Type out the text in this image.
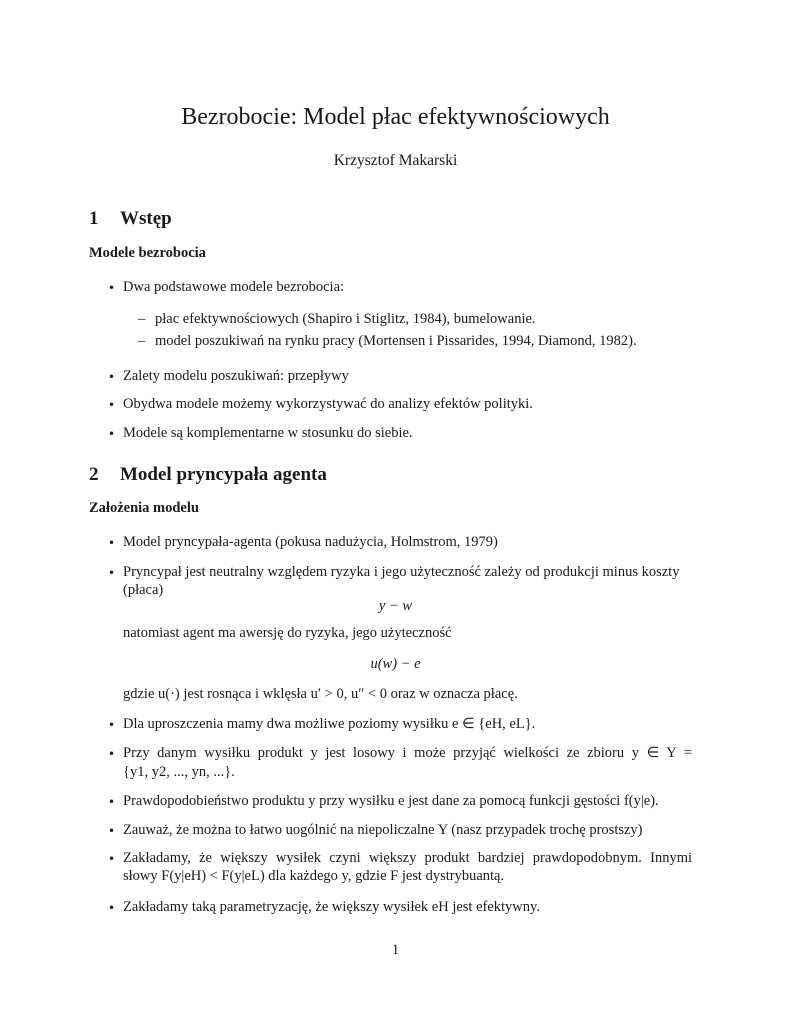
Bezrobocie: Model płac efektywnościowych
Krzysztof Makarski
1 Wstęp
Modele bezrobocia
• Dwa podstawowe modele bezrobocia:
– płac efektywnościowych (Shapiro i Stiglitz, 1984), bumelowanie.
– model poszukiwań na rynku pracy (Mortensen i Pissarides, 1994, Diamond, 1982).
• Zalety modelu poszukiwań: przepływy
• Obydwa modele możemy wykorzystywać do analizy efektów polityki.
• Modele są komplementarne w stosunku do siebie.
2 Model pryncypała agenta
Założenia modelu
• Model pryncypała-agenta (pokusa nadużycia, Holmstrom, 1979)
• Pryncypał jest neutralny względem ryzyka i jego użyteczność zależy od produkcji minus koszty
(płaca)
y − w
natomiast agent ma awersję do ryzyka, jego użyteczność
u(w) − e
gdzie u(·) jest rosnąca i wklęsła u′ > 0, u″ < 0 oraz w oznacza płacę.
• Dla uproszczenia mamy dwa możliwe poziomy wysiłku e ∈ {eH, eL}.
• Przy danym wysiłku produkt y jest losowy i może przyjąć wielkości ze zbioru y ∈ Y =
{y1, y2, ..., yn, ...}.
• Prawdopodobieństwo produktu y przy wysiłku e jest dane za pomocą funkcji gęstości f(y|e).
• Zauważ, że można to łatwo uogólnić na niepoliczalne Y (nasz przypadek trochę prostszy)
• Zakładamy, że większy wysiłek czyni większy produkt bardziej prawdopodobnym. Innymi
słowy F(y|eH) < F(y|eL) dla każdego y, gdzie F jest dystrybuantą.
• Zakładamy taką parametryzację, że większy wysiłek eH jest efektywny.
1
